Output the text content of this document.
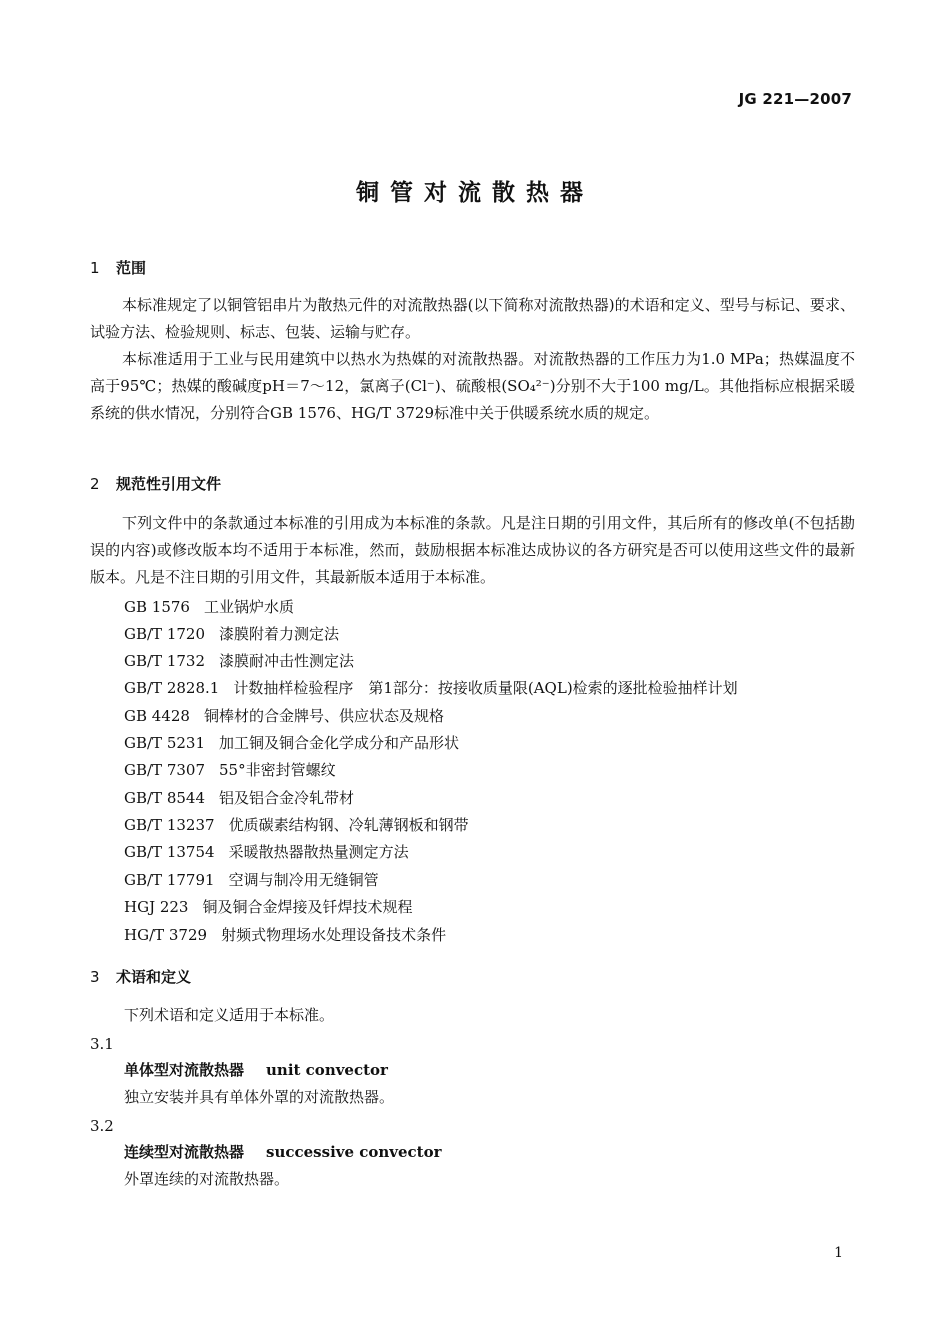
JG 221—2007
铜管对流散热器
1 范围
本标准规定了以铜管铝串片为散热元件的对流散热器(以下简称对流散热器)的术语和定义、型号与标记、要求、试验方法、检验规则、标志、包装、运输与贮存。
本标准适用于工业与民用建筑中以热水为热媒的对流散热器。对流散热器的工作压力为1.0 MPa；热媒温度不高于95℃；热媒的酸碱度pH＝7～12，氯离子(Cl⁻)、硫酸根(SO₄²⁻)分别不大于100 mg/L。其他指标应根据采暖系统的供水情况，分别符合GB 1576、HG/T 3729标准中关于供暖系统水质的规定。
2 规范性引用文件
下列文件中的条款通过本标准的引用成为本标准的条款。凡是注日期的引用文件，其后所有的修改单(不包括勘误的内容)或修改版本均不适用于本标准，然而，鼓励根据本标准达成协议的各方研究是否可以使用这些文件的最新版本。凡是不注日期的引用文件，其最新版本适用于本标准。
GB 1576 工业锅炉水质
GB/T 1720 漆膜附着力测定法
GB/T 1732 漆膜耐冲击性测定法
GB/T 2828.1 计数抽样检验程序　第1部分：按接收质量限(AQL)检索的逐批检验抽样计划
GB 4428 铜棒材的合金牌号、供应状态及规格
GB/T 5231 加工铜及铜合金化学成分和产品形状
GB/T 7307 55°非密封管螺纹
GB/T 8544 铝及铝合金冷轧带材
GB/T 13237 优质碳素结构钢、冷轧薄钢板和钢带
GB/T 13754 采暖散热器散热量测定方法
GB/T 17791 空调与制冷用无缝铜管
HGJ 223 铜及铜合金焊接及钎焊技术规程
HG/T 3729 射频式物理场水处理设备技术条件
3 术语和定义
下列术语和定义适用于本标准。
3.1
单体型对流散热器 unit convector
独立安装并具有单体外罩的对流散热器。
3.2
连续型对流散热器 successive convector
外罩连续的对流散热器。
1
